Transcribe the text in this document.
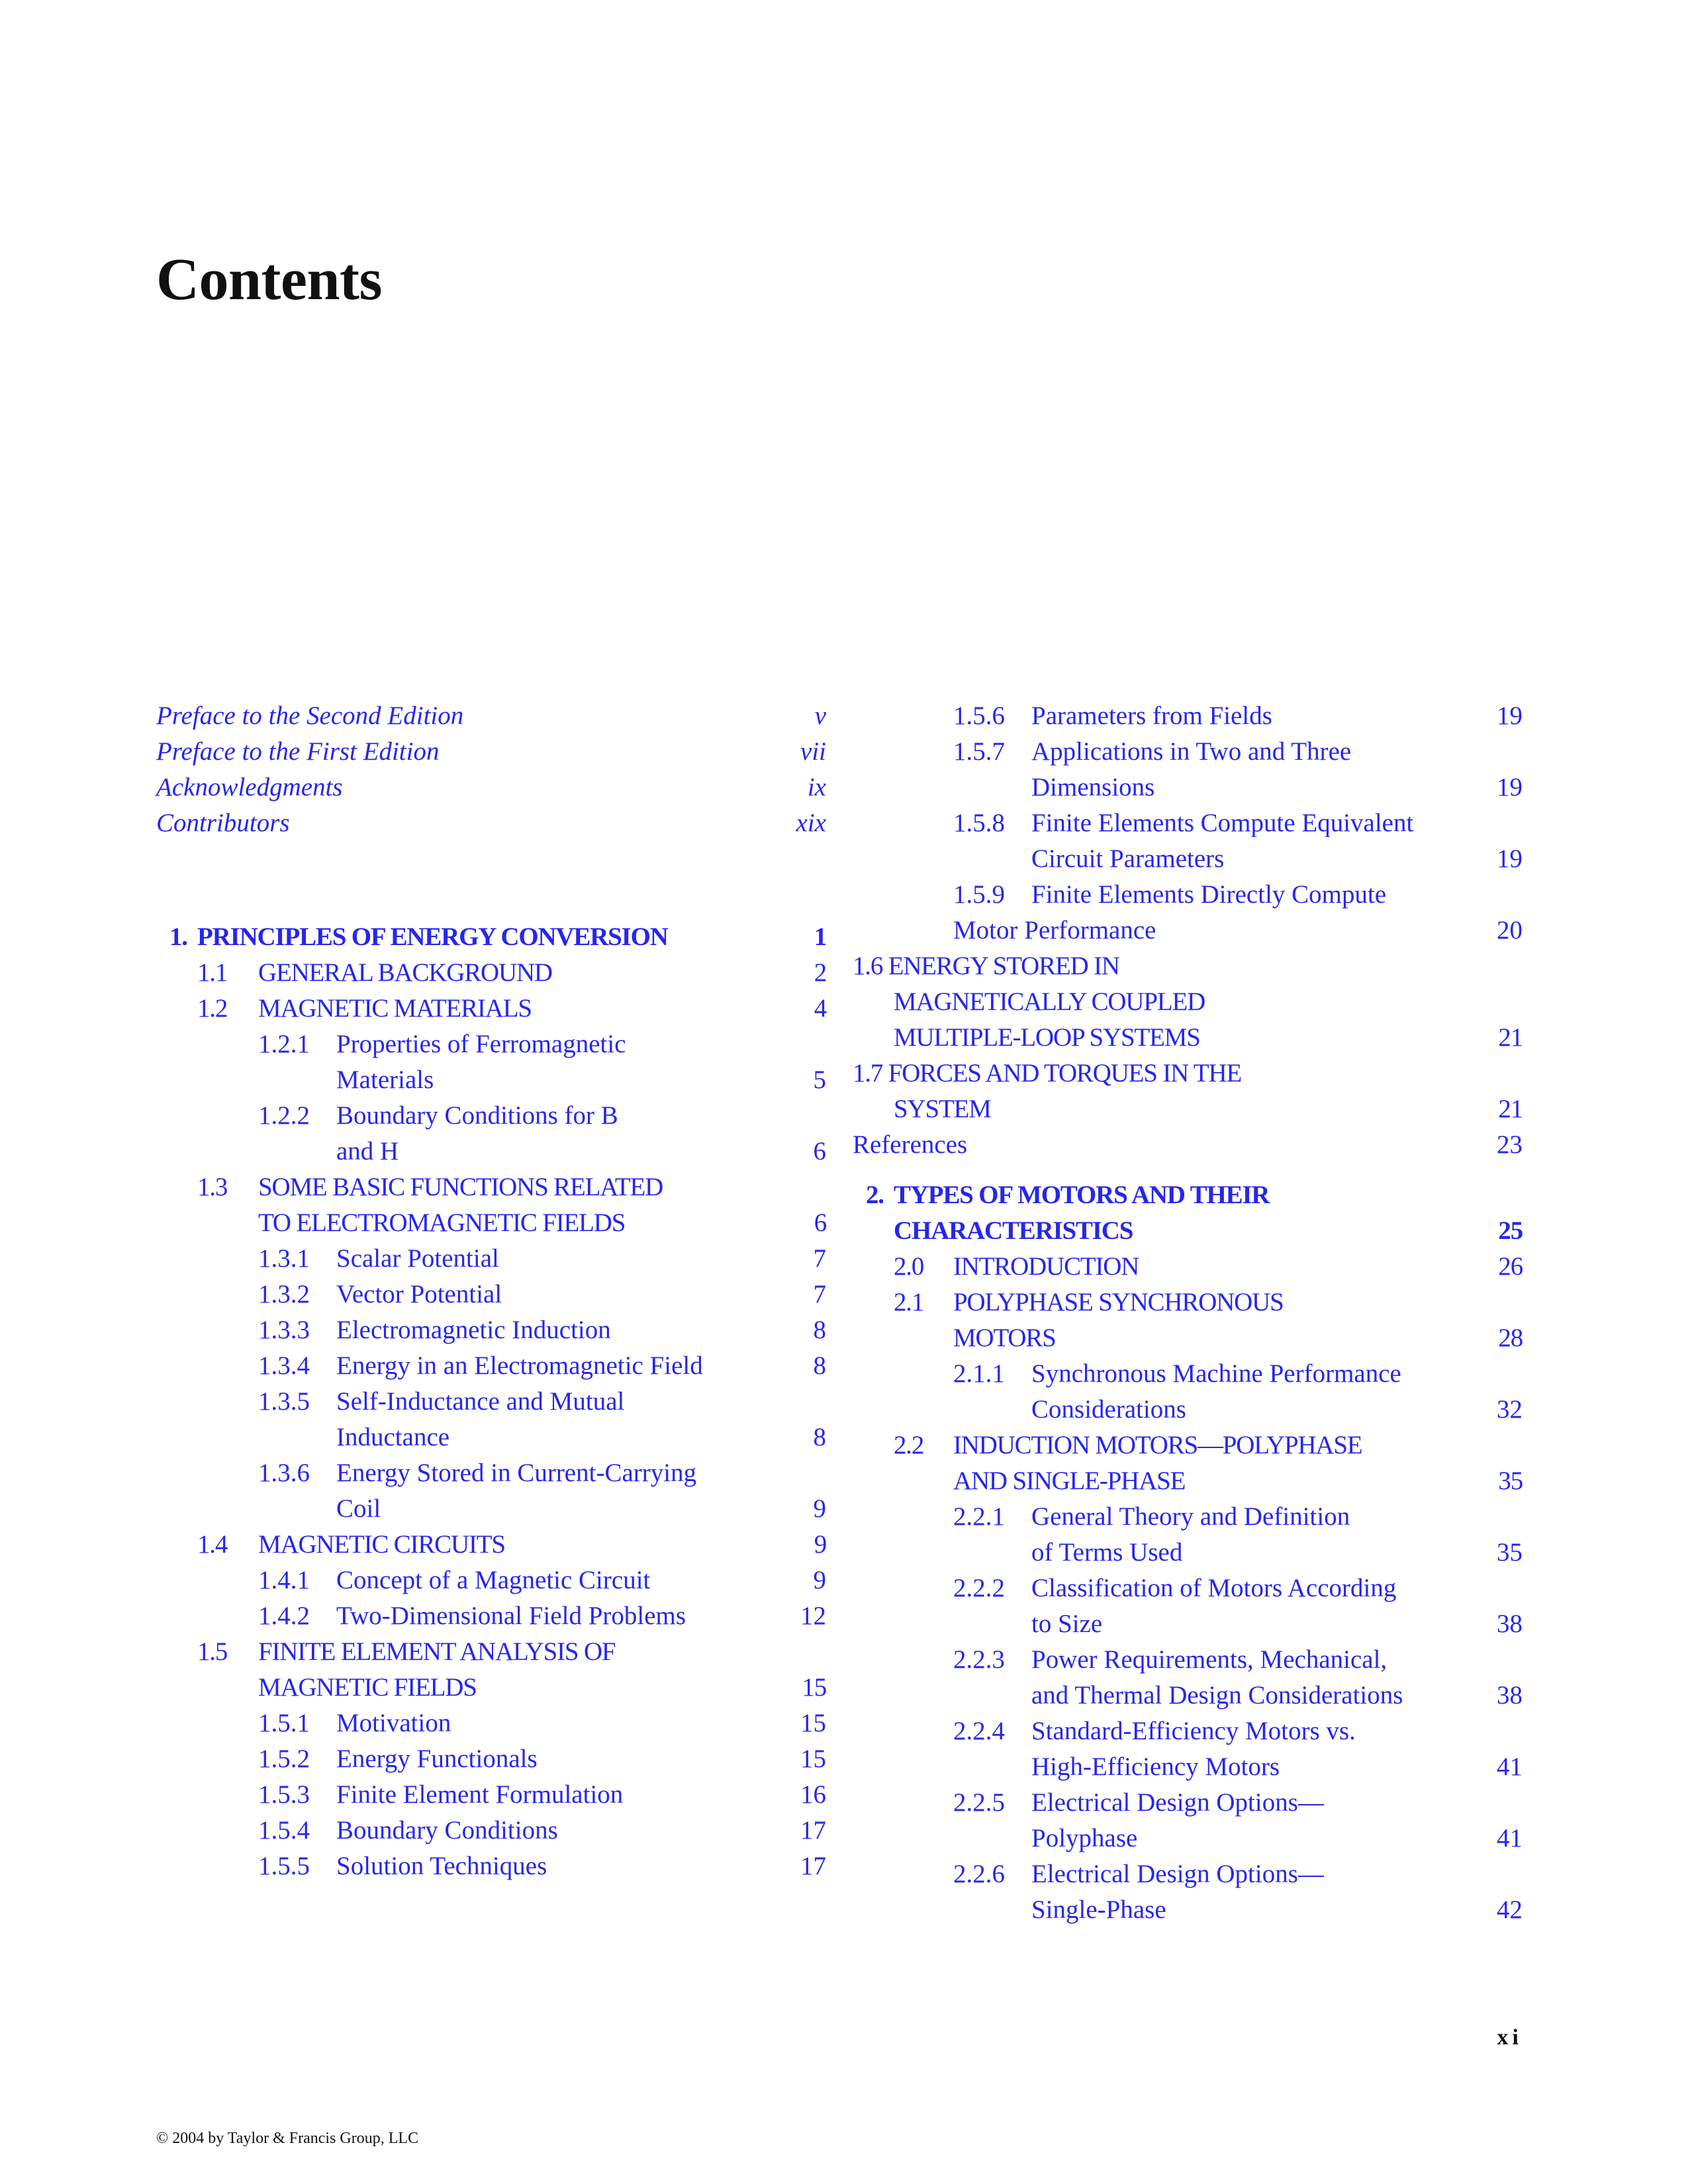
Contents
Preface to the Second Edition	v
Preface to the First Edition	vii
Acknowledgments	ix
Contributors	xix
1. PRINCIPLES OF ENERGY CONVERSION	1
1.1 GENERAL BACKGROUND	2
1.2 MAGNETIC MATERIALS	4
1.2.1 Properties of Ferromagnetic
Materials	5
1.2.2 Boundary Conditions for B
and H	6
1.3 SOME BASIC FUNCTIONS RELATED
TO ELECTROMAGNETIC FIELDS	6
1.3.1 Scalar Potential	7
1.3.2 Vector Potential	7
1.3.3 Electromagnetic Induction	8
1.3.4 Energy in an Electromagnetic Field	8
1.3.5 Self-Inductance and Mutual
Inductance	8
1.3.6 Energy Stored in Current-Carrying
Coil	9
1.4 MAGNETIC CIRCUITS	9
1.4.1 Concept of a Magnetic Circuit	9
1.4.2 Two-Dimensional Field Problems	12
1.5 FINITE ELEMENT ANALYSIS OF
MAGNETIC FIELDS	15
1.5.1 Motivation	15
1.5.2 Energy Functionals	15
1.5.3 Finite Element Formulation	16
1.5.4 Boundary Conditions	17
1.5.5 Solution Techniques	17
1.5.6 Parameters from Fields	19
1.5.7 Applications in Two and Three
Dimensions	19
1.5.8 Finite Elements Compute Equivalent
Circuit Parameters	19
1.5.9 Finite Elements Directly Compute
Motor Performance	20
1.6 ENERGY STORED IN
MAGNETICALLY COUPLED
MULTIPLE-LOOP SYSTEMS	21
1.7 FORCES AND TORQUES IN THE
SYSTEM	21
References	23
2. TYPES OF MOTORS AND THEIR
CHARACTERISTICS	25
2.0 INTRODUCTION	26
2.1 POLYPHASE SYNCHRONOUS
MOTORS	28
2.1.1 Synchronous Machine Performance
Considerations	32
2.2 INDUCTION MOTORS—POLYPHASE
AND SINGLE-PHASE	35
2.2.1 General Theory and Definition
of Terms Used	35
2.2.2 Classification of Motors According
to Size	38
2.2.3 Power Requirements, Mechanical,
and Thermal Design Considerations	38
2.2.4 Standard-Efficiency Motors vs.
High-Efficiency Motors	41
2.2.5 Electrical Design Options—
Polyphase	41
2.2.6 Electrical Design Options—
Single-Phase	42
xi
© 2004 by Taylor & Francis Group, LLC
